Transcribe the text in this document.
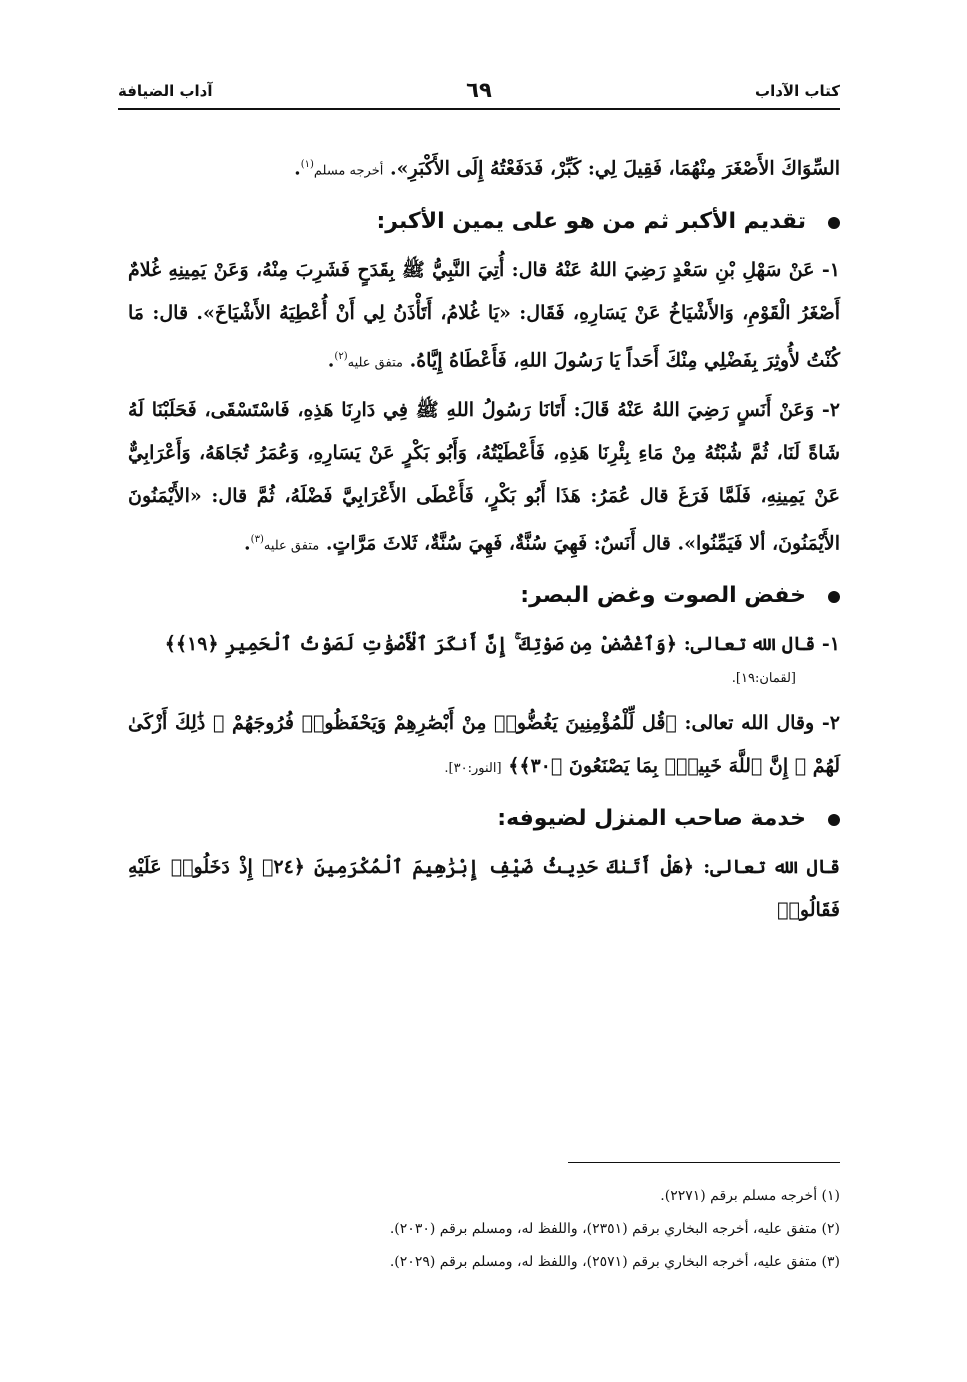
كتاب الآداب
٦٩
آداب الضيافة

السِّوَاكَ الأَصْغَرَ مِنْهُمَا، فَقِيلَ لِي: كَبِّرْ، فَدَفَعْتُهُ إِلَى الأَكْبَرِ». أخرجه مسلم$^{(١)}$.

تقديم الأكبر ثم من هو على يمين الأكبر:

١- عَنْ سَهْلِ بْنِ سَعْدٍ رَضِيَ اللهُ عَنْهُ قال: أُتِيَ النَّبِيُّ ﷺ بِقَدَحٍ فَشَرِبَ مِنْهُ، وَعَنْ يَمِينِهِ غُلامٌ أَصْغَرُ الْقَوْمِ، وَالأَشْيَاخُ عَنْ يَسَارِهِ، فَقَال: «يَا غُلامُ، أَتَأْذَنُ لِي أَنْ أُعْطِيَهُ الأَشْيَاخَ». قال: مَا كُنْتُ لأُوثِرَ بِفَضْلِي مِنْكَ أَحَداً يَا رَسُولَ اللهِ، فَأَعْطَاهُ إِيَّاهُ. متفق عليه$^{(٢)}$.

٢- وَعَنْ أَنَسٍ رَضِيَ اللهُ عَنْهُ قَالَ: أَتَانَا رَسُولُ اللهِ ﷺ فِي دَارِنَا هَذِهِ، فَاسْتَسْقَى، فَحَلَبْنَا لَهُ شَاةً لَنَا، ثُمَّ شُبْتُهُ مِنْ مَاءِ بِئْرِنَا هَذِهِ، فَأَعْطَيْتُهُ، وَأَبُو بَكْرٍ عَنْ يَسَارِهِ، وَعُمَرُ تُجَاهَهُ، وَأَعْرَابِيٌّ عَنْ يَمِينِهِ، فَلَمَّا فَرَغَ قال عُمَرُ: هَذَا أَبُو بَكْرٍ، فَأَعْطَى الأَعْرَابِيَّ فَضْلَهُ، ثُمَّ قال: «الأَيْمَنُونَ الأَيْمَنُونَ، ألا فَيَمِّنُوا». قال أَنَسٌ: فَهِيَ سُنَّةٌ، فَهِيَ سُنَّةٌ، ثَلاثَ مَرَّاتٍ. متفق عليه$^{(٣)}$.

خفض الصوت وغض البصر:

١- قال الله تعالى: ﴿وَٱغْضُضْ مِن صَوْتِكَ ۚ إِنَّ أَنكَرَ ٱلْأَصْوَٰتِ لَصَوْتُ ٱلْحَمِيرِ ﴿١٩﴾﴾

[لقمان:١٩].

٢- وقال الله تعالى: ﴿قُل لِّلْمُؤْمِنِينَ يَغُضُّوا۟ مِنْ أَبْصَٰرِهِمْ وَيَحْفَظُوا۟ فُرُوجَهُمْ ۚ ذَٰلِكَ أَزْكَىٰ لَهُمْ ۗ إِنَّ ٱللَّهَ خَبِيرٌۢ بِمَا يَصْنَعُونَ ﴿٣٠﴾﴾ [النور:٣٠].

خدمة صاحب المنزل لضيوفه:

قال الله تعالى: ﴿هَلْ أَتَىٰكَ حَدِيثُ ضَيْفِ إِبْرَٰهِيمَ ٱلْمُكْرَمِينَ ﴿٢٤﴾ إِذْ دَخَلُوا۟ عَلَيْهِ فَقَالُوا۟

(١) أخرجه مسلم برقم (٢٢٧١).

(٢) متفق عليه، أخرجه البخاري برقم (٢٣٥١)، واللفظ له، ومسلم برقم (٢٠٣٠).

(٣) متفق عليه، أخرجه البخاري برقم (٢٥٧١)، واللفظ له، ومسلم برقم (٢٠٢٩).
